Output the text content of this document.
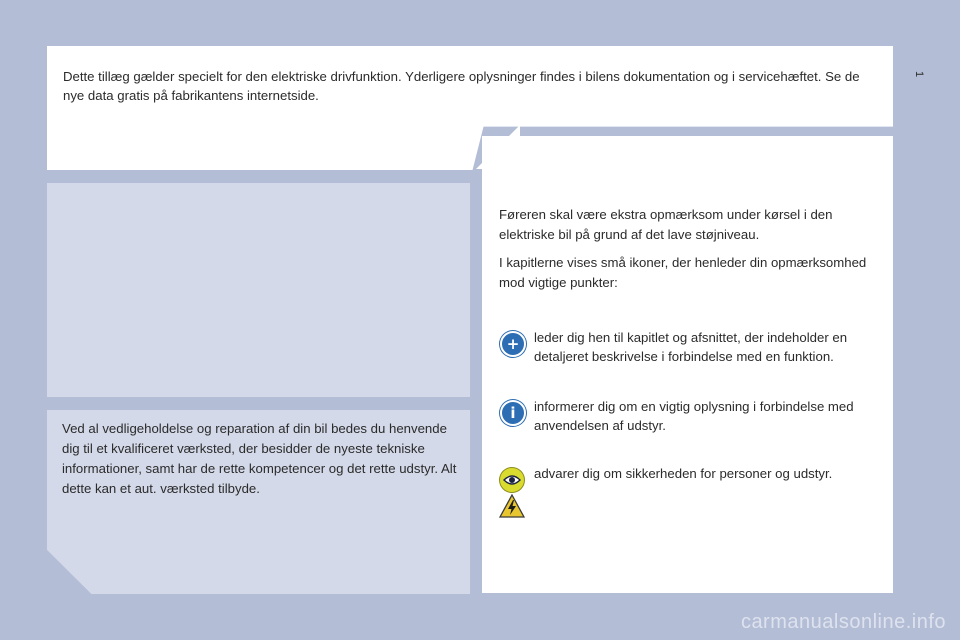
1
Dette tillæg gælder specielt for den elektriske drivfunktion. Yderligere oplysninger findes i bilens dokumentation og i servicehæftet. Se de nye data gratis på fabrikantens internetside.
Ved al vedligeholdelse og reparation af din bil bedes du henvende dig til et kvalificeret værksted, der besidder de nyeste tekniske informationer, samt har de rette kompetencer og det rette udstyr. Alt dette kan et aut. værksted tilbyde.

Føreren skal være ekstra opmærksom under kørsel i den elektriske bil på grund af det lave støjniveau.

I kapitlerne vises små ikoner, der henleder din opmærksomhed mod vigtige punkter:

+ leder dig hen til kapitlet og afsnittet, der indeholder en detaljeret beskrivelse i forbindelse med en funktion.
i informerer dig om en vigtig oplysning i forbindelse med anvendelsen af udstyr.
advarer dig om sikkerheden for personer og udstyr.
carmanualsonline.info
